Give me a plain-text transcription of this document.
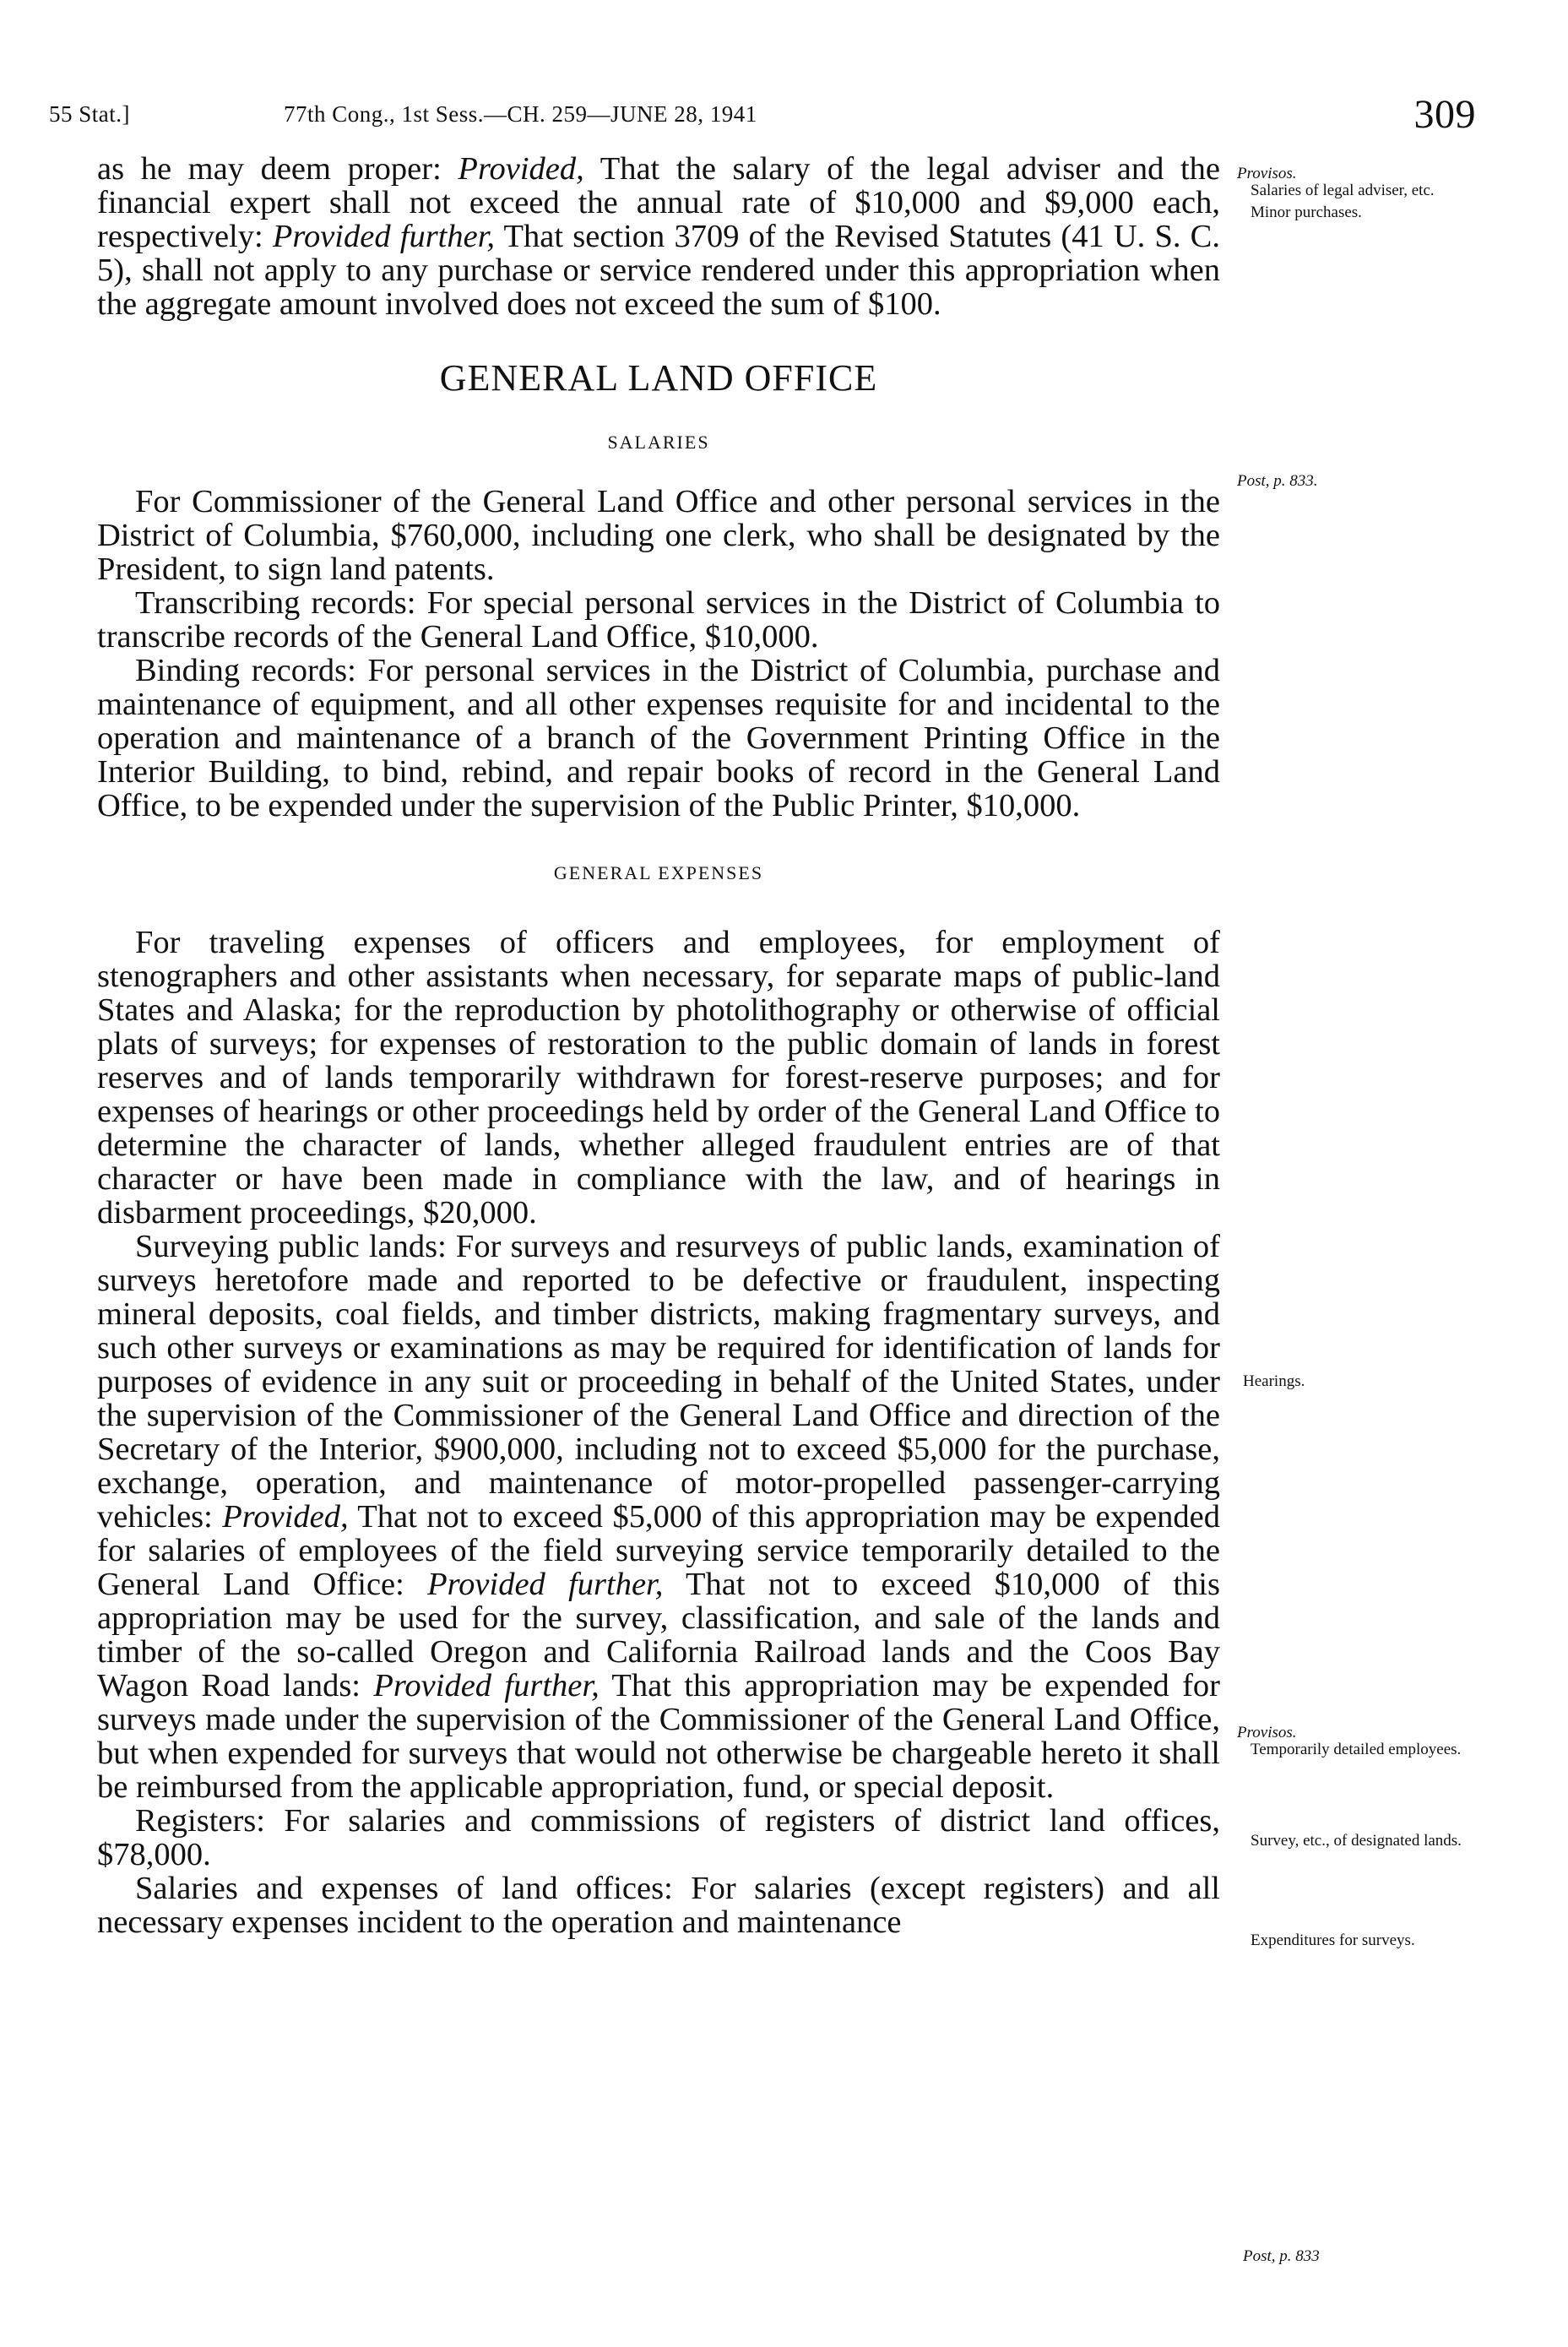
55 Stat.]	77th Cong., 1st Sess.—CH. 259—JUNE 28, 1941	309

as he may deem proper: Provided, That the salary of the legal adviser and the financial expert shall not exceed the annual rate of $10,000 and $9,000 each, respectively: Provided further, That section 3709 of the Revised Statutes (41 U. S. C. 5), shall not apply to any purchase or service rendered under this appropriation when the aggregate amount involved does not exceed the sum of $100.

GENERAL LAND OFFICE
SALARIES

For Commissioner of the General Land Office and other personal services in the District of Columbia, $760,000, including one clerk, who shall be designated by the President, to sign land patents.

Transcribing records: For special personal services in the District of Columbia to transcribe records of the General Land Office, $10,000.

Binding records: For personal services in the District of Columbia, purchase and maintenance of equipment, and all other expenses requisite for and incidental to the operation and maintenance of a branch of the Government Printing Office in the Interior Building, to bind, rebind, and repair books of record in the General Land Office, to be expended under the supervision of the Public Printer, $10,000.

GENERAL EXPENSES

For traveling expenses of officers and employees, for employment of stenographers and other assistants when necessary, for separate maps of public-land States and Alaska; for the reproduction by photolithography or otherwise of official plats of surveys; for expenses of restoration to the public domain of lands in forest reserves and of lands temporarily withdrawn for forest-reserve purposes; and for expenses of hearings or other proceedings held by order of the General Land Office to determine the character of lands, whether alleged fraudulent entries are of that character or have been made in compliance with the law, and of hearings in disbarment proceedings, $20,000.

Surveying public lands: For surveys and resurveys of public lands, examination of surveys heretofore made and reported to be defective or fraudulent, inspecting mineral deposits, coal fields, and timber districts, making fragmentary surveys, and such other surveys or examinations as may be required for identification of lands for purposes of evidence in any suit or proceeding in behalf of the United States, under the supervision of the Commissioner of the General Land Office and direction of the Secretary of the Interior, $900,000, including not to exceed $5,000 for the purchase, exchange, operation, and maintenance of motor-propelled passenger-carrying vehicles: Provided, That not to exceed $5,000 of this appropriation may be expended for salaries of employees of the field surveying service temporarily detailed to the General Land Office: Provided further, That not to exceed $10,000 of this appropriation may be used for the survey, classification, and sale of the lands and timber of the so-called Oregon and California Railroad lands and the Coos Bay Wagon Road lands: Provided further, That this appropriation may be expended for surveys made under the supervision of the Commissioner of the General Land Office, but when expended for surveys that would not otherwise be chargeable hereto it shall be reimbursed from the applicable appropriation, fund, or special deposit.

Registers: For salaries and commissions of registers of district land offices, $78,000.

Salaries and expenses of land offices: For salaries (except registers) and all necessary expenses incident to the operation and maintenance

Provisos.
Salaries of legal adviser, etc.
Minor purchases.
Post, p. 833.
Hearings.
Provisos.
Temporarily detailed employees.
Survey, etc., of designated lands.
Expenditures for surveys.
Post, p. 833
